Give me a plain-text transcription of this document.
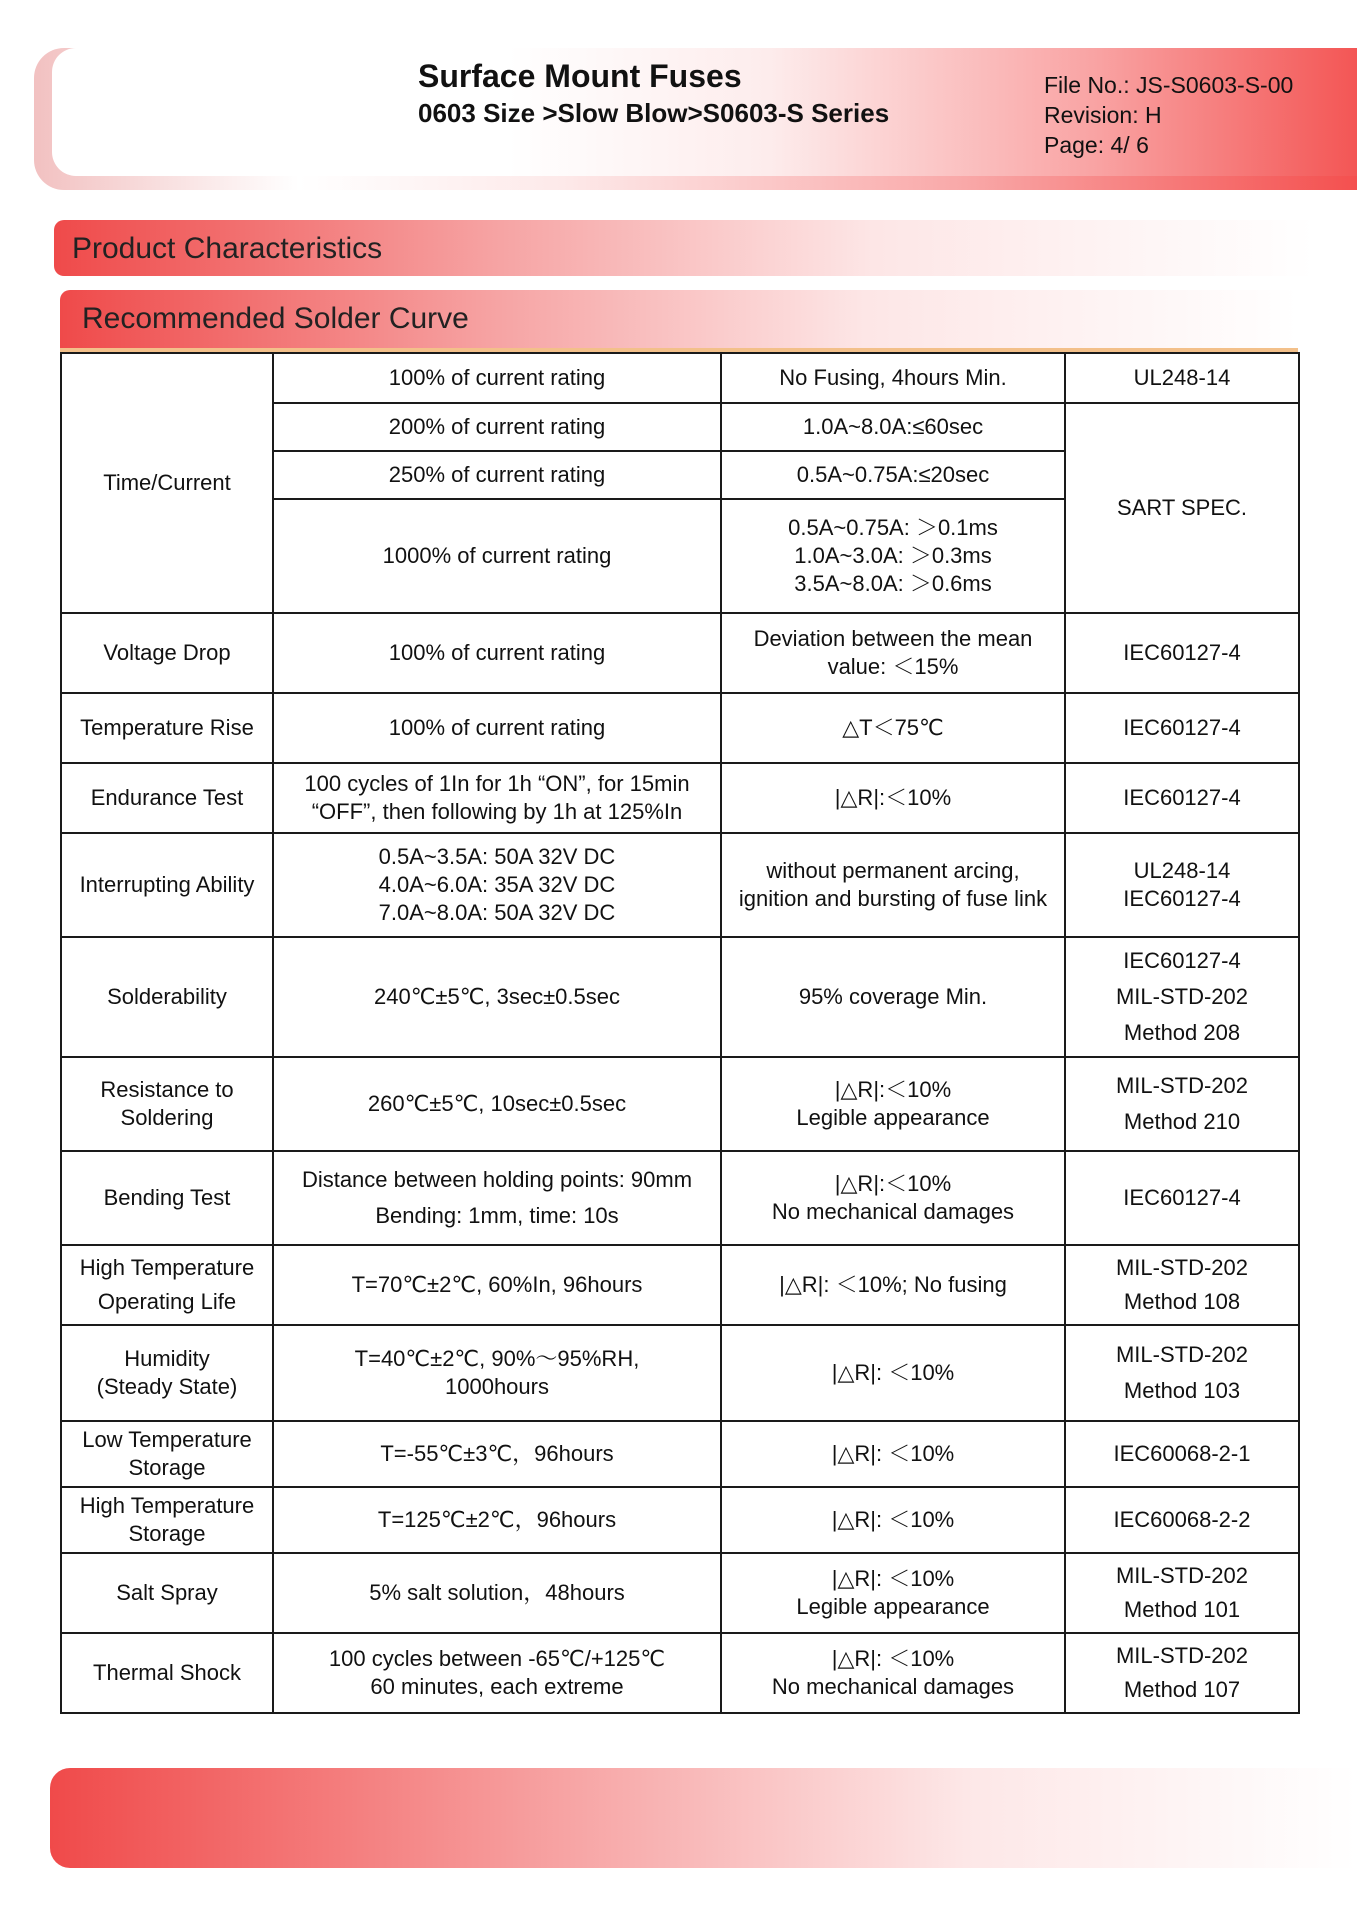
Surface Mount Fuses
0603 Size >Slow Blow>S0603-S Series
File No.: JS-S0603-S-00
Revision: H
Page: 4/ 6
Product Characteristics
Recommended Solder Curve
Time/Current	100% of current rating	No Fusing, 4hours Min.	UL248-14
	200% of current rating	1.0A~8.0A:≤60sec	SART SPEC.
	250% of current rating	0.5A~0.75A:≤20sec	
	1000% of current rating	0.5A~0.75A: ＞0.1ms
1.0A~3.0A: ＞0.3ms
3.5A~8.0A: ＞0.6ms	

Voltage Drop	100% of current rating	Deviation between the mean
value: ＜15%	IEC60127-4
Temperature Rise	100% of current rating	△T＜75℃	IEC60127-4
Endurance Test	100 cycles of 1In for 1h “ON”, for 15min
“OFF”, then following by 1h at 125%In	|△R|:＜10%	IEC60127-4
Interrupting Ability	0.5A~3.5A: 50A 32V DC
4.0A~6.0A: 35A 32V DC
7.0A~8.0A: 50A 32V DC	without permanent arcing,
ignition and bursting of fuse link	UL248-14
IEC60127-4

Solderability	240℃±5℃, 3sec±0.5sec	95% coverage Min.	IEC60127-4
MIL-STD-202
Method 208

Resistance to
Soldering	260℃±5℃, 10sec±0.5sec	|△R|:＜10%
Legible appearance	MIL-STD-202
Method 210

Bending Test	Distance between holding points: 90mm
Bending: 1mm, time: 10s	|△R|:＜10%
No mechanical damages	IEC60127-4

High Temperature
Operating Life	T=70℃±2℃, 60%In, 96hours	|△R|: ＜10%; No fusing	MIL-STD-202
Method 108

Humidity
(Steady State)	T=40℃±2℃, 90%～95%RH,
1000hours	|△R|: ＜10%	MIL-STD-202
Method 103

Low Temperature
Storage	T=-55℃±3℃，96hours	|△R|: ＜10%	IEC60068-2-1

High Temperature
Storage	T=125℃±2℃，96hours	|△R|: ＜10%	IEC60068-2-2
Salt Spray	5% salt solution，48hours	|△R|: ＜10%
Legible appearance	MIL-STD-202
Method 101

Thermal Shock	100 cycles between -65℃/+125℃
60 minutes, each extreme	|△R|: ＜10%
No mechanical damages	MIL-STD-202
Method 107
